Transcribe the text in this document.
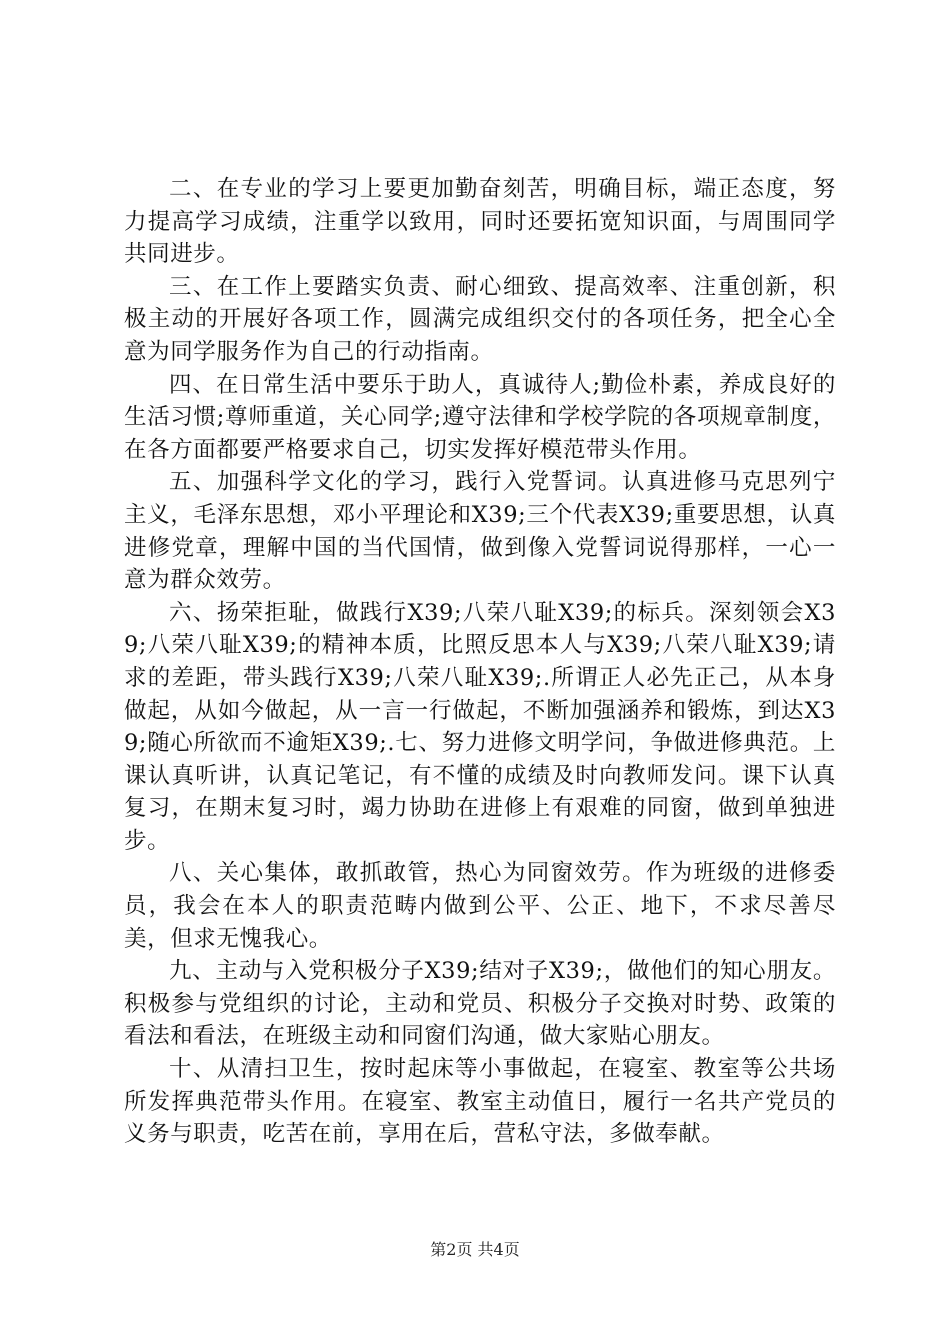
二、在专业的学习上要更加勤奋刻苦，明确目标，端正态度，努力提高学习成绩，注重学以致用，同时还要拓宽知识面，与周围同学共同进步。

三、在工作上要踏实负责、耐心细致、提高效率、注重创新，积极主动的开展好各项工作，圆满完成组织交付的各项任务，把全心全意为同学服务作为自己的行动指南。

四、在日常生活中要乐于助人，真诚待人;勤俭朴素，养成良好的生活习惯;尊师重道，关心同学;遵守法律和学校学院的各项规章制度，在各方面都要严格要求自己，切实发挥好模范带头作用。

五、加强科学文化的学习，践行入党誓词。认真进修马克思列宁主义，毛泽东思想，邓小平理论和X39;三个代表X39;重要思想，认真进修党章，理解中国的当代国情，做到像入党誓词说得那样，一心一意为群众效劳。

六、扬荣拒耻，做践行X39;八荣八耻X39;的标兵。深刻领会X39;八荣八耻X39;的精神本质，比照反思本人与X39;八荣八耻X39;请求的差距，带头践行X39;八荣八耻X39;.所谓正人必先正己，从本身做起，从如今做起，从一言一行做起，不断加强涵养和锻炼，到达X39;随心所欲而不逾矩X39;.七、努力进修文明学问，争做进修典范。上课认真听讲，认真记笔记，有不懂的成绩及时向教师发问。课下认真复习，在期末复习时，竭力协助在进修上有艰难的同窗，做到单独进步。

八、关心集体，敢抓敢管，热心为同窗效劳。作为班级的进修委员，我会在本人的职责范畴内做到公平、公正、地下，不求尽善尽美，但求无愧我心。

九、主动与入党积极分子X39;结对子X39;，做他们的知心朋友。积极参与党组织的讨论，主动和党员、积极分子交换对时势、政策的看法和看法，在班级主动和同窗们沟通，做大家贴心朋友。

十、从清扫卫生，按时起床等小事做起，在寝室、教室等公共场所发挥典范带头作用。在寝室、教室主动值日，履行一名共产党员的义务与职责，吃苦在前，享用在后，营私守法，多做奉献。

第2页 共4页
